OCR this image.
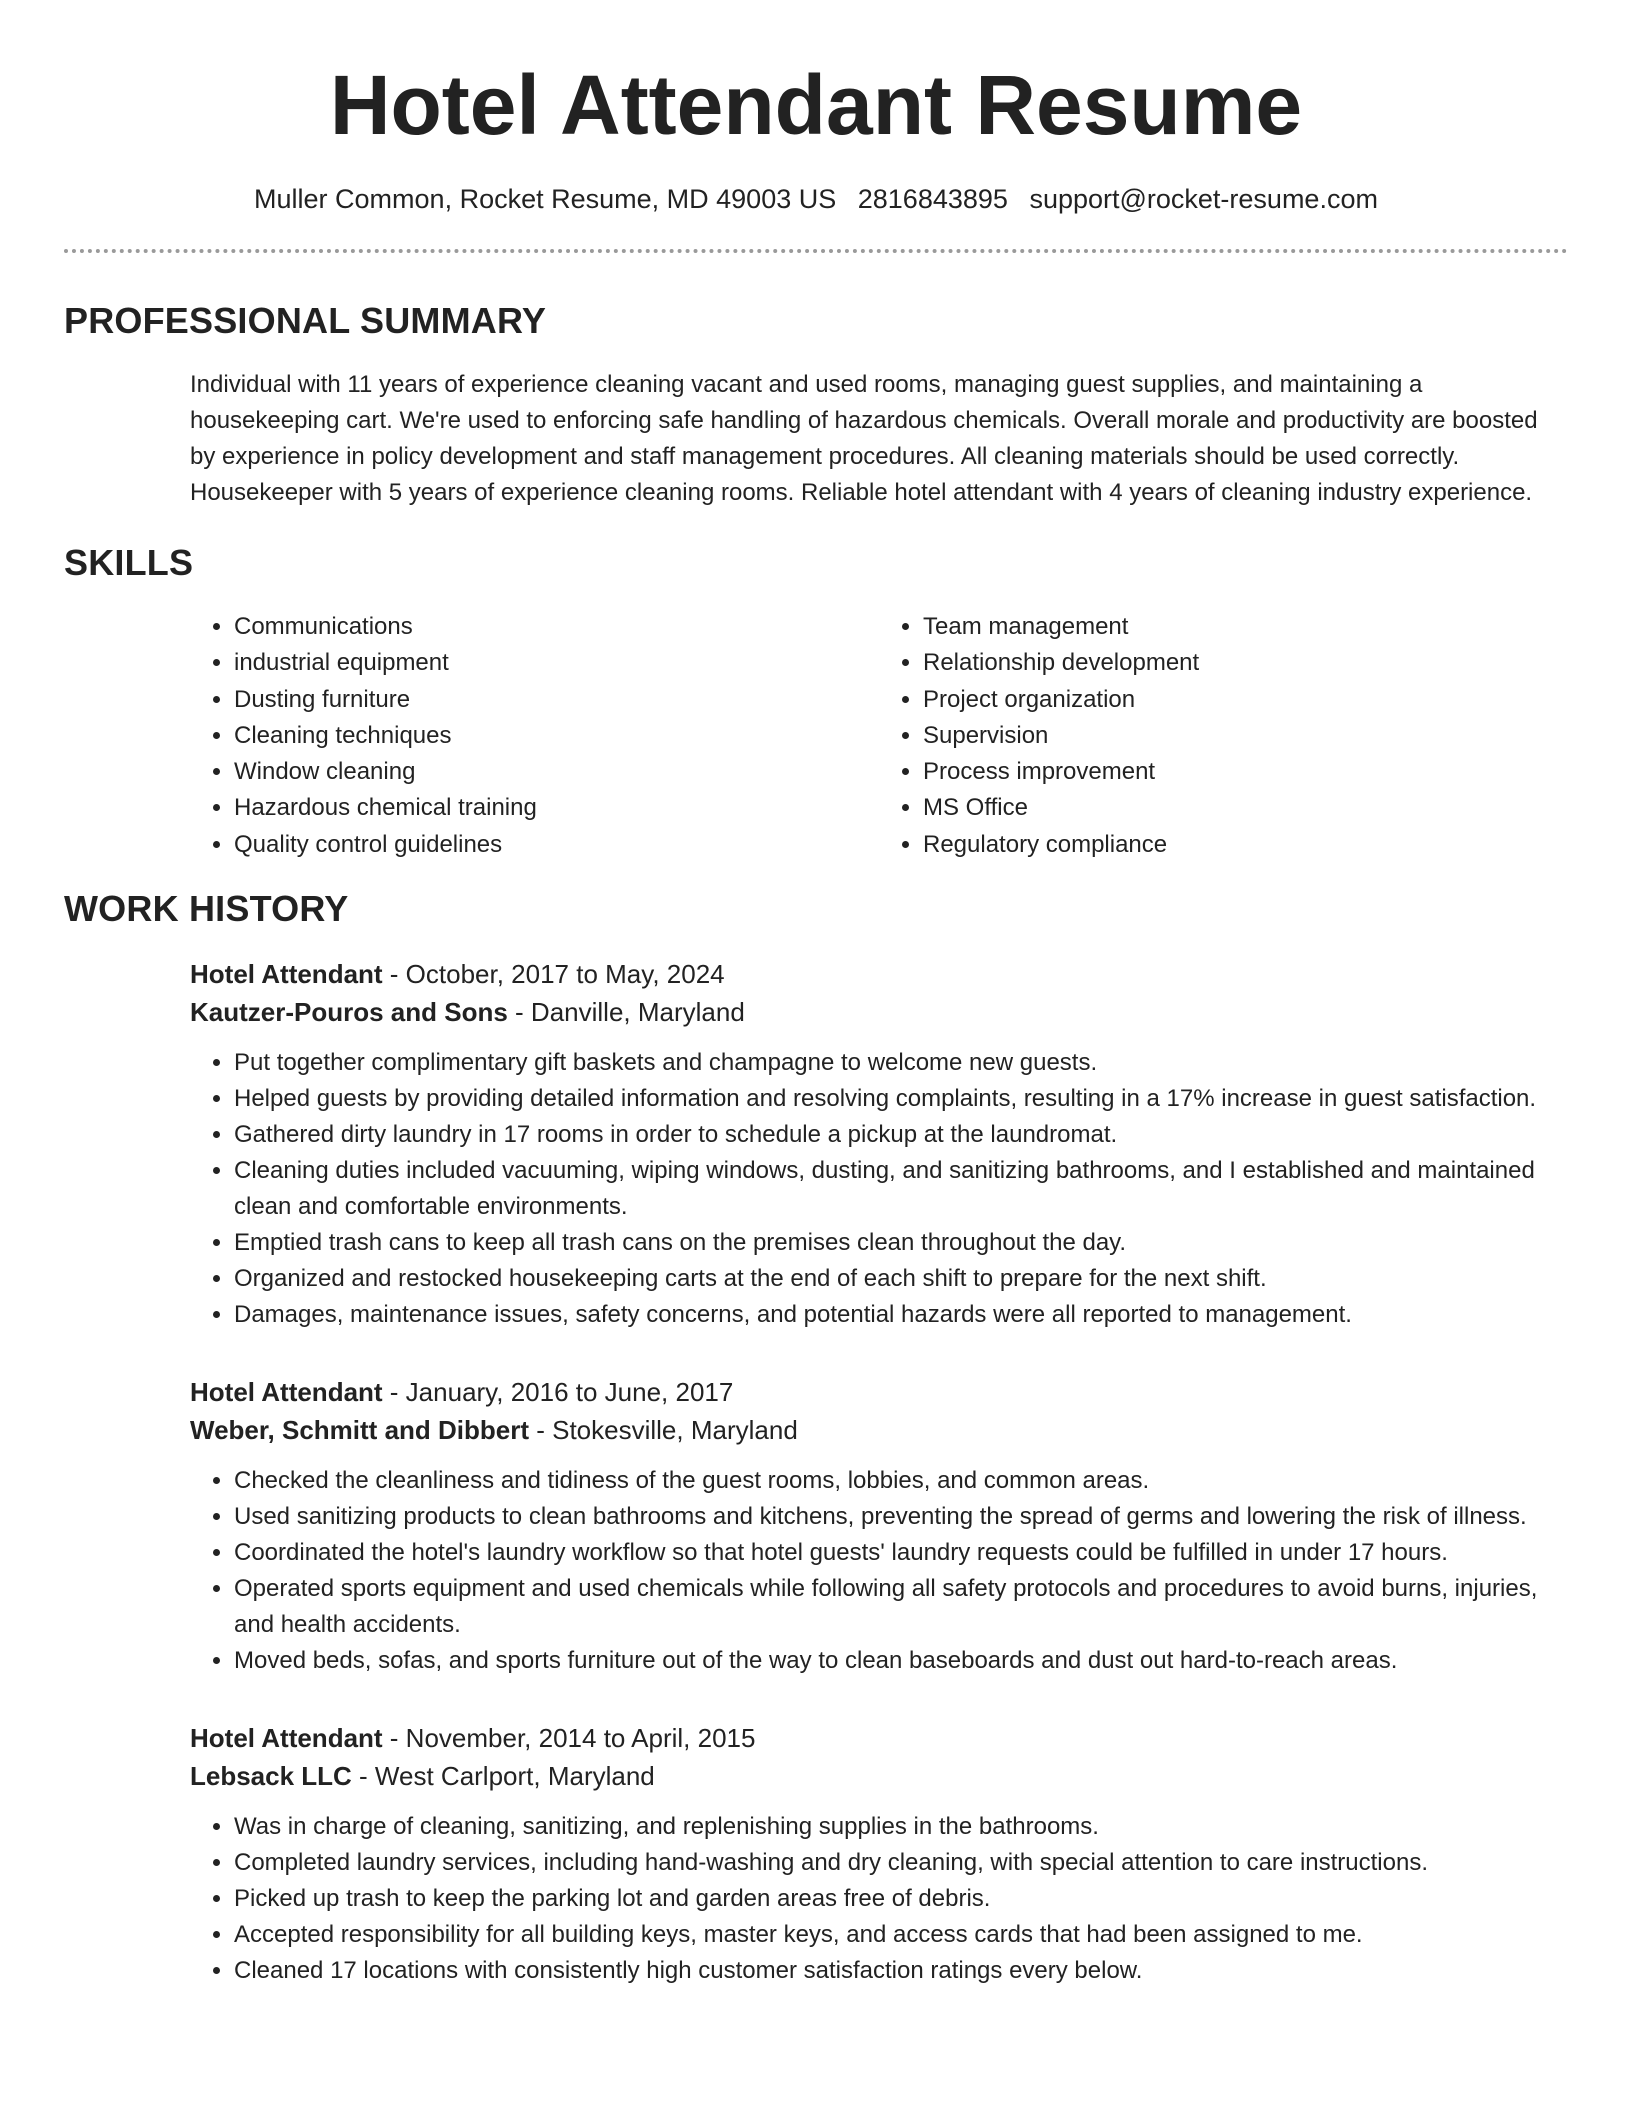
Hotel Attendant Resume
Muller Common, Rocket Resume, MD 49003 US 2816843895 support@rocket-resume.com
PROFESSIONAL SUMMARY

Individual with 11 years of experience cleaning vacant and used rooms, managing guest supplies, and maintaining a housekeeping cart. We're used to enforcing safe handling of hazardous chemicals. Overall morale and productivity are boosted by experience in policy development and staff management procedures. All cleaning materials should be used correctly. Housekeeper with 5 years of experience cleaning rooms. Reliable hotel attendant with 4 years of cleaning industry experience.

SKILLS
• Communications
• industrial equipment
• Dusting furniture
• Cleaning techniques
• Window cleaning
• Hazardous chemical training
• Quality control guidelines
• Team management
• Relationship development
• Project organization
• Supervision
• Process improvement
• MS Office
• Regulatory compliance
WORK HISTORY
Hotel Attendant - October, 2017 to May, 2024
Kautzer-Pouros and Sons - Danville, Maryland
• Put together complimentary gift baskets and champagne to welcome new guests.
• Helped guests by providing detailed information and resolving complaints, resulting in a 17% increase in guest satisfaction.
• Gathered dirty laundry in 17 rooms in order to schedule a pickup at the laundromat.
• Cleaning duties included vacuuming, wiping windows, dusting, and sanitizing bathrooms, and I established and maintained clean and comfortable environments.
• Emptied trash cans to keep all trash cans on the premises clean throughout the day.
• Organized and restocked housekeeping carts at the end of each shift to prepare for the next shift.
• Damages, maintenance issues, safety concerns, and potential hazards were all reported to management.
Hotel Attendant - January, 2016 to June, 2017
Weber, Schmitt and Dibbert - Stokesville, Maryland
• Checked the cleanliness and tidiness of the guest rooms, lobbies, and common areas.
• Used sanitizing products to clean bathrooms and kitchens, preventing the spread of germs and lowering the risk of illness.
• Coordinated the hotel's laundry workflow so that hotel guests' laundry requests could be fulfilled in under 17 hours.
• Operated sports equipment and used chemicals while following all safety protocols and procedures to avoid burns, injuries, and health accidents.
• Moved beds, sofas, and sports furniture out of the way to clean baseboards and dust out hard-to-reach areas.
Hotel Attendant - November, 2014 to April, 2015
Lebsack LLC - West Carlport, Maryland
• Was in charge of cleaning, sanitizing, and replenishing supplies in the bathrooms.
• Completed laundry services, including hand-washing and dry cleaning, with special attention to care instructions.
• Picked up trash to keep the parking lot and garden areas free of debris.
• Accepted responsibility for all building keys, master keys, and access cards that had been assigned to me.
• Cleaned 17 locations with consistently high customer satisfaction ratings every below.
